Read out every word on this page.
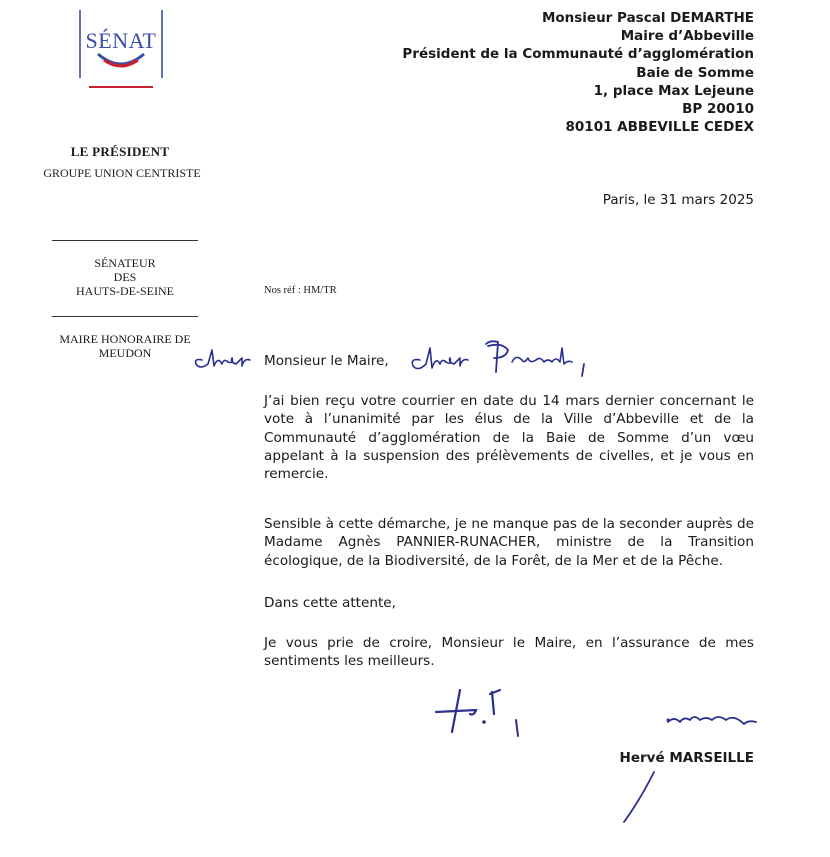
SÉNAT
LE PRÉSIDENT
GROUPE UNION CENTRISTE
SÉNATEUR
DES
HAUTS-DE-SEINE
MAIRE HONORAIRE DE
MEUDON
Monsieur Pascal DEMARTHE
Maire d’Abbeville
Président de la Communauté d’agglomération
Baie de Somme
1, place Max Lejeune
BP 20010
80101 ABBEVILLE CEDEX
Paris, le 31 mars 2025
Nos réf : HM/TR
Monsieur le Maire,
J’ai bien reçu votre courrier en date du 14 mars dernier concernant le vote à l’unanimité par les élus de la Ville d’Abbeville et de la Communauté d’agglomération de la Baie de Somme d’un vœu appelant à la suspension des prélèvements de civelles, et je vous en remercie.
Sensible à cette démarche, je ne manque pas de la seconder auprès de Madame Agnès PANNIER-RUNACHER, ministre de la Transition écologique, de la Biodiversité, de la Forêt, de la Mer et de la Pêche.
Dans cette attente,
Je vous prie de croire, Monsieur le Maire, en l’assurance de mes sentiments les meilleurs.
Hervé MARSEILLE
